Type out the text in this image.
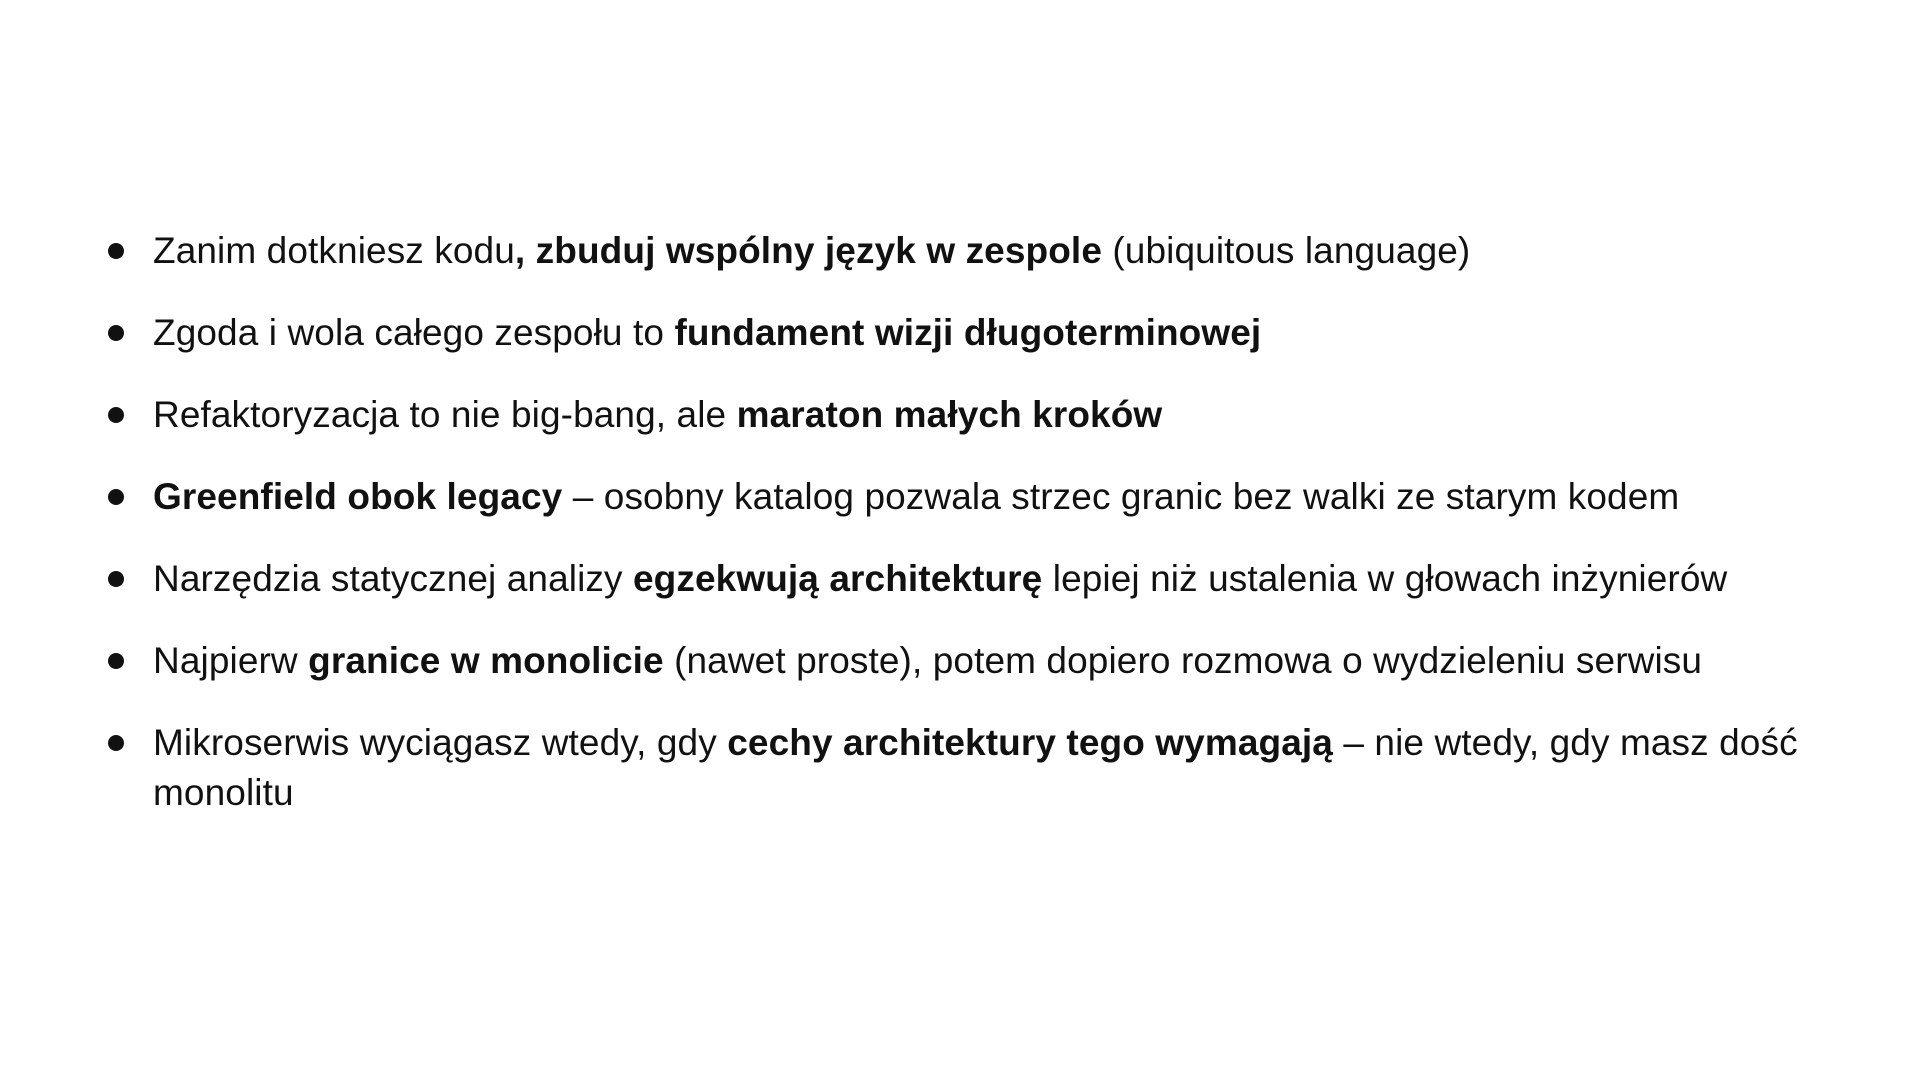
Zanim dotkniesz kodu, zbuduj wspólny język w zespole (ubiquitous language)
Zgoda i wola całego zespołu to fundament wizji długoterminowej
Refaktoryzacja to nie big-bang, ale maraton małych kroków
Greenfield obok legacy – osobny katalog pozwala strzec granic bez walki ze starym kodem
Narzędzia statycznej analizy egzekwują architekturę lepiej niż ustalenia w głowach inżynierów
Najpierw granice w monolicie (nawet proste), potem dopiero rozmowa o wydzieleniu serwisu
Mikroserwis wyciągasz wtedy, gdy cechy architektury tego wymagają – nie wtedy, gdy masz dość monolitu
